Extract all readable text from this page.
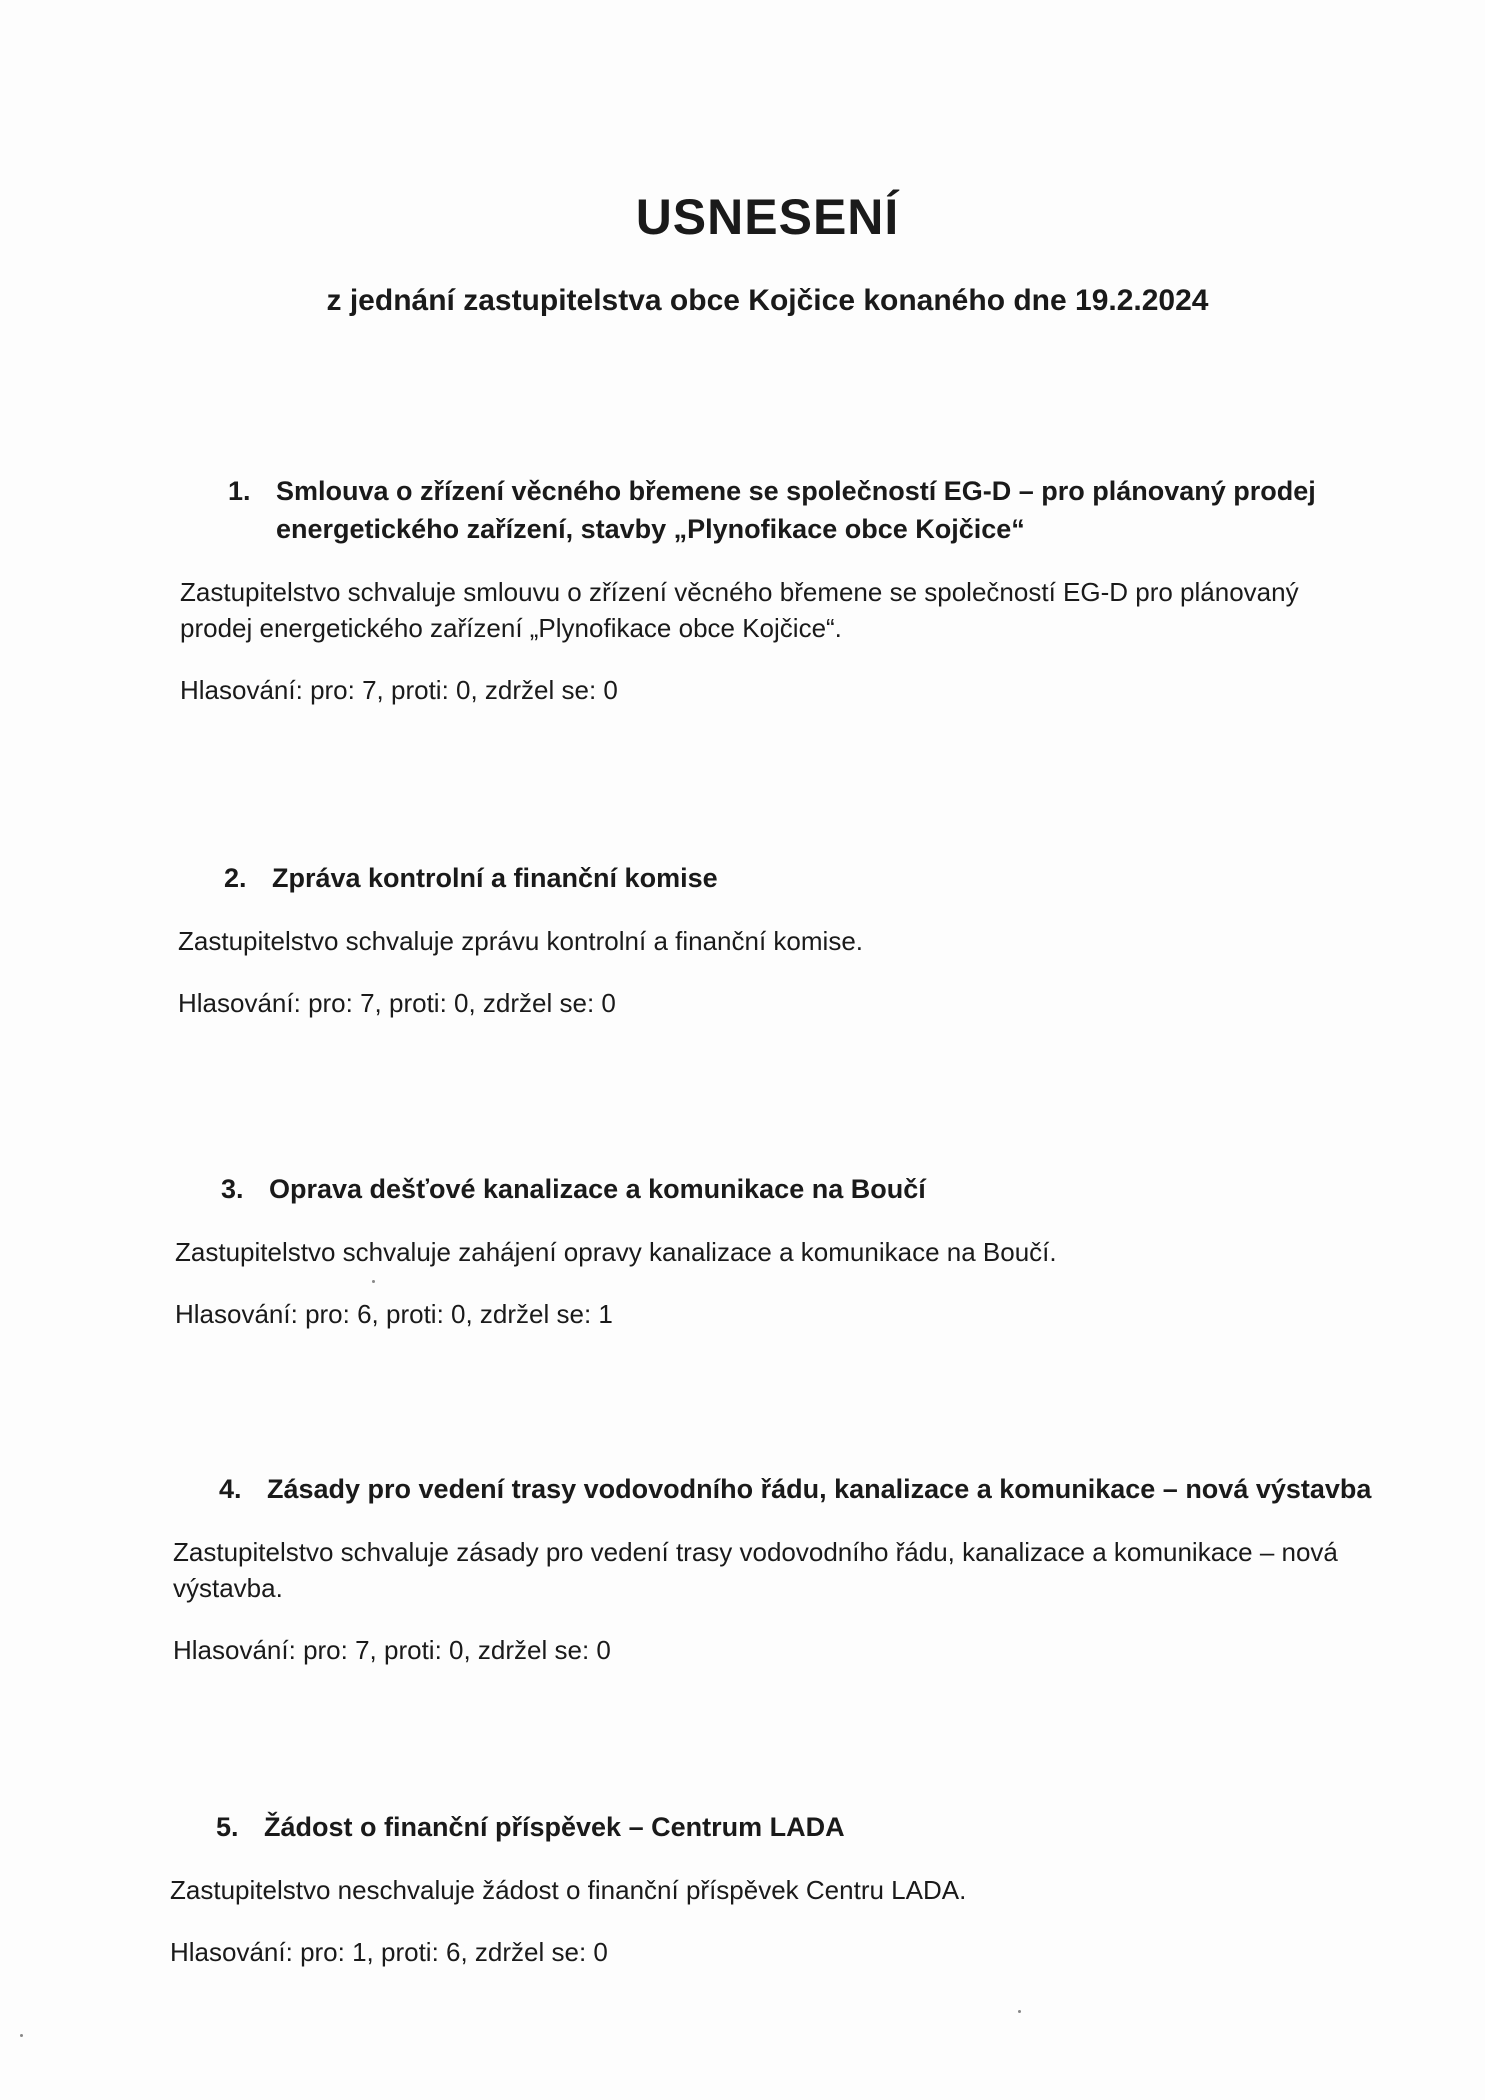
USNESENÍ
z jednání zastupitelstva obce Kojčice konaného dne 19.2.2024
1. Smlouva o zřízení věcného břemene se společností EG-D – pro plánovaný prodej energetického zařízení, stavby „Plynofikace obce Kojčice“
Zastupitelstvo schvaluje smlouvu o zřízení věcného břemene se společností EG-D pro plánovaný prodej energetického zařízení „Plynofikace obce Kojčice“.
Hlasování: pro: 7, proti: 0, zdržel se: 0
2. Zpráva kontrolní a finanční komise
Zastupitelstvo schvaluje zprávu kontrolní a finanční komise.
Hlasování: pro: 7, proti: 0, zdržel se: 0
3. Oprava dešťové kanalizace a komunikace na Boučí
Zastupitelstvo schvaluje zahájení opravy kanalizace a komunikace na Boučí.
Hlasování: pro: 6, proti: 0, zdržel se: 1
4. Zásady pro vedení trasy vodovodního řádu, kanalizace a komunikace – nová výstavba
Zastupitelstvo schvaluje zásady pro vedení trasy vodovodního řádu, kanalizace a komunikace – nová výstavba.
Hlasování: pro: 7, proti: 0, zdržel se: 0
5. Žádost o finanční příspěvek – Centrum LADA
Zastupitelstvo neschvaluje žádost o finanční příspěvek Centru LADA.
Hlasování: pro: 1, proti: 6, zdržel se: 0
